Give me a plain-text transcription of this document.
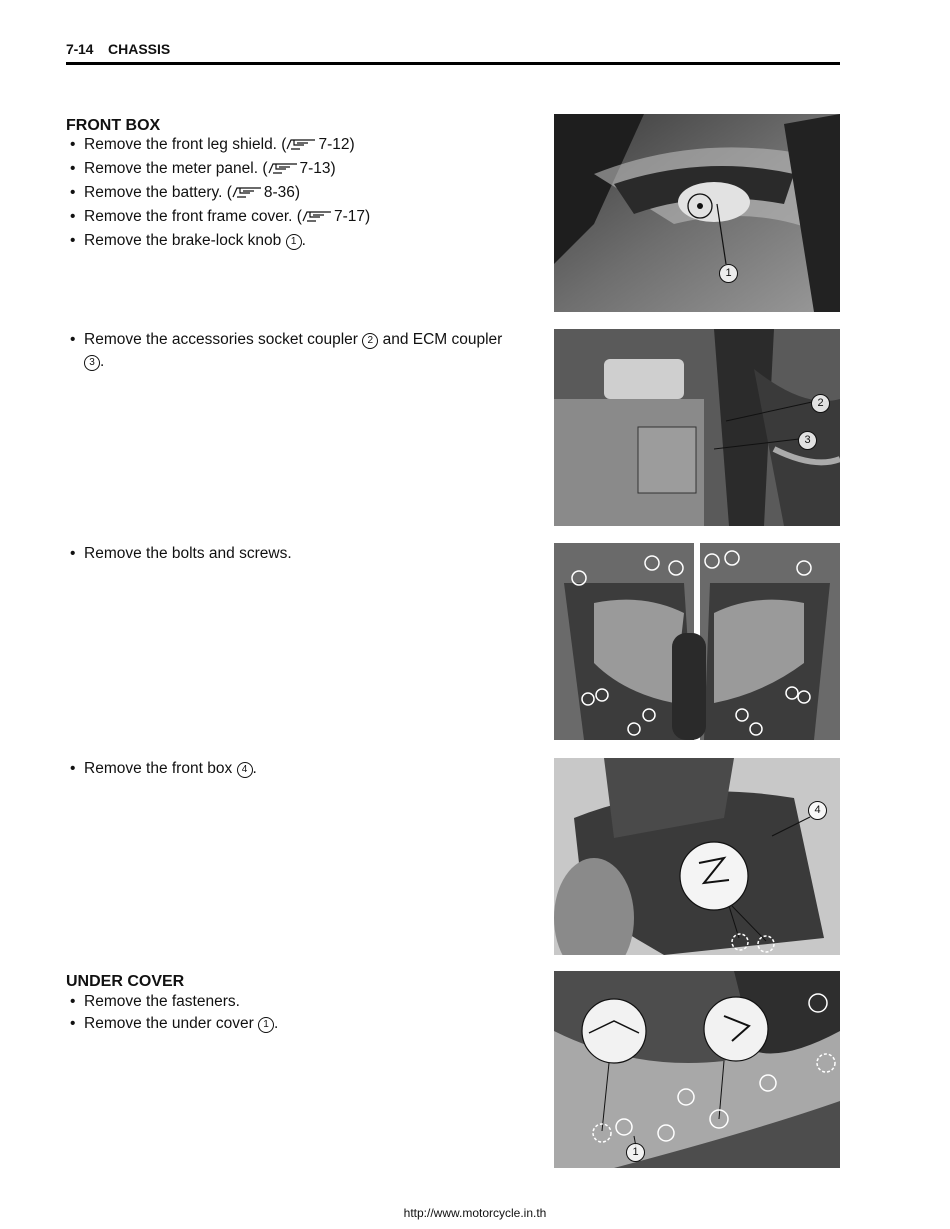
7-14 CHASSIS
FRONT BOX
• Remove the front leg shield. ( 7-12)
• Remove the meter panel. ( 7-13)
• Remove the battery. ( 8-36)
• Remove the front frame cover. ( 7-17)
• Remove the brake-lock knob 1 .
• Remove the accessories socket coupler 2 and ECM coupler
3 .
• Remove the bolts and screws.
• Remove the front box 4 .
UNDER COVER
• Remove the fasteners.
• Remove the under cover 1 .
1
2
3
4
1
http://www.motorcycle.in.th
